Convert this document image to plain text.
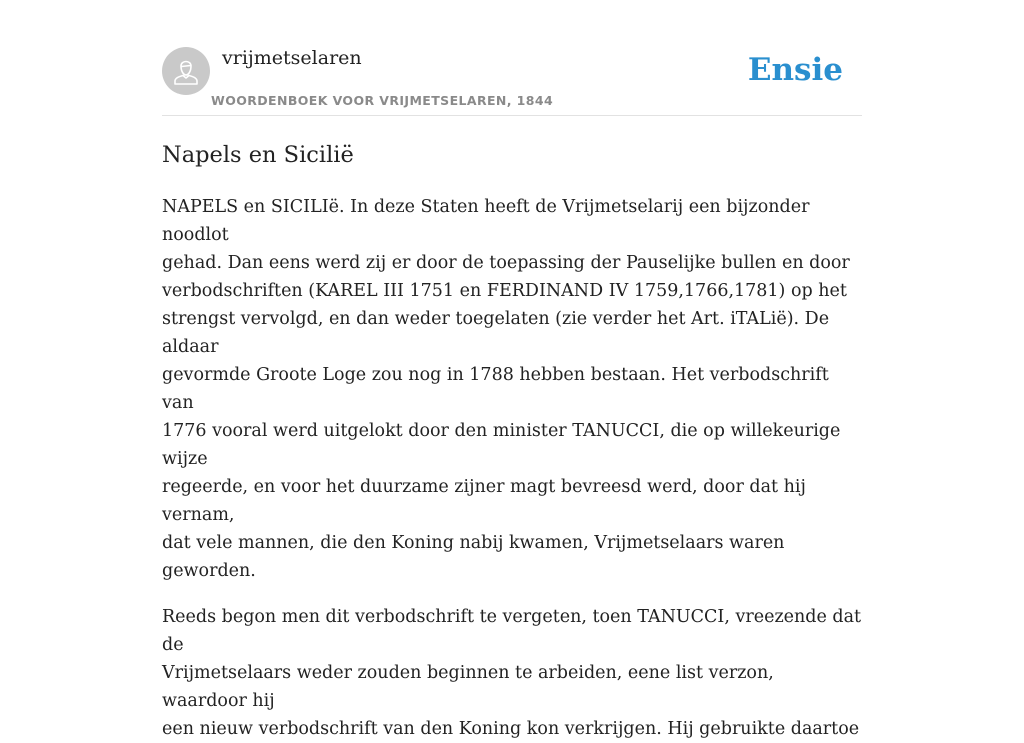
vrijmetselaren
WOORDENBOEK VOOR VRIJMETSELAREN, 1844
Ensie
Napels en Sicilië

NAPELS en SICILIë. In deze Staten heeft de Vrijmetselarij een bijzonder noodlot
gehad. Dan eens werd zij er door de toepassing der Pauselijke bullen en door
verbodschriften (KAREL III 1751 en FERDINAND IV 1759,1766,1781) op het
strengst vervolgd, en dan weder toegelaten (zie verder het Art. iTALië). De aldaar
gevormde Groote Loge zou nog in 1788 hebben bestaan. Het verbodschrift van
1776 vooral werd uitgelokt door den minister TANUCCI, die op willekeurige wijze
regeerde, en voor het duurzame zijner magt bevreesd werd, door dat hij vernam,
dat vele mannen, die den Koning nabij kwamen, Vrijmetselaars waren geworden.

Reeds begon men dit verbodschrift te vergeten, toen TANUCCI, vreezende dat de
Vrijmetselaars weder zouden beginnen te arbeiden, eene list verzon, waardoor hij
een nieuw verbodschrift van den Koning kon verkrijgen. Hij gebruikte daartoe
